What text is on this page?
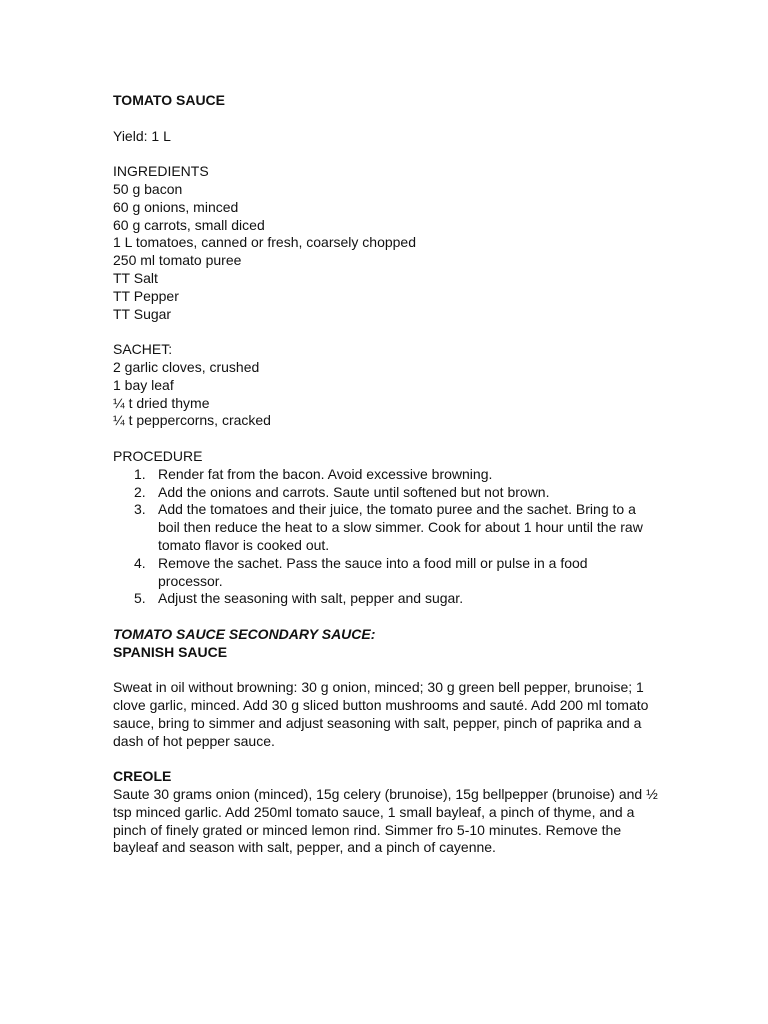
TOMATO SAUCE

Yield: 1 L

INGREDIENTS

50 g bacon

60 g onions, minced

60 g carrots, small diced

1 L tomatoes, canned or fresh, coarsely chopped

250 ml tomato puree

TT Salt

TT Pepper

TT Sugar

SACHET:

2 garlic cloves, crushed

1 bay leaf

¼ t dried thyme

¼ t peppercorns, cracked

PROCEDURE

1. Render fat from the bacon. Avoid excessive browning.
2. Add the onions and carrots. Saute until softened but not brown.
3. Add the tomatoes and their juice, the tomato puree and the sachet. Bring to a boil then reduce the heat to a slow simmer. Cook for about 1 hour until the raw tomato flavor is cooked out.
4. Remove the sachet. Pass the sauce into a food mill or pulse in a food processor.
5. Adjust the seasoning with salt, pepper and sugar.

TOMATO SAUCE SECONDARY SAUCE:

SPANISH SAUCE

Sweat in oil without browning: 30 g onion, minced; 30 g green bell pepper, brunoise; 1 clove garlic, minced. Add 30 g sliced button mushrooms and sauté. Add 200 ml tomato sauce, bring to simmer and adjust seasoning with salt, pepper, pinch of paprika and a dash of hot pepper sauce.

CREOLE

Saute 30 grams onion (minced), 15g celery (brunoise), 15g bellpepper (brunoise) and ½ tsp minced garlic. Add 250ml tomato sauce, 1 small bayleaf, a pinch of thyme, and a pinch of finely grated or minced lemon rind. Simmer fro 5-10 minutes. Remove the bayleaf and season with salt, pepper, and a pinch of cayenne.
